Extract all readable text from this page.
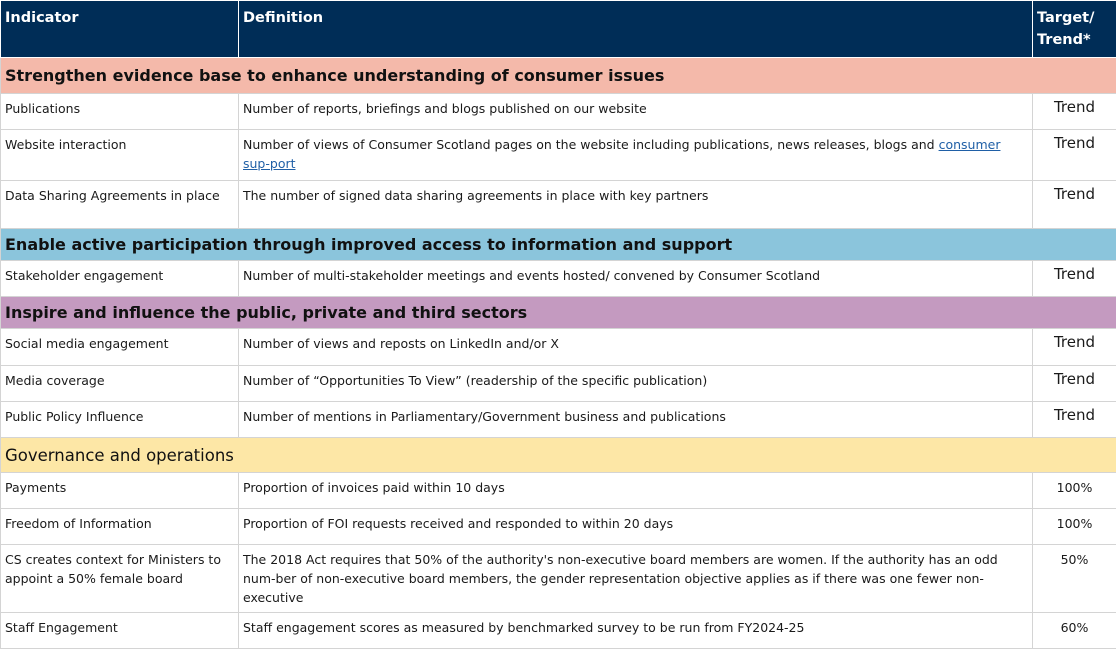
Indicator	Definition	Target/
Trend*
Strengthen evidence base to enhance understanding of consumer issues		
Publications	Number of reports, briefings and blogs published on our website	Trend
Website interaction	Number of views of Consumer Scotland pages on the website including publications, news releases, blogs and consumer sup-port	Trend
Data Sharing Agreements in place	The number of signed data sharing agreements in place with key partners	Trend
Enable active participation through improved access to information and support		
Stakeholder engagement	Number of multi-stakeholder meetings and events hosted/ convened by Consumer Scotland	Trend
Inspire and influence the public, private and third sectors		
Social media engagement	Number of views and reposts on LinkedIn and/or X	Trend
Media coverage	Number of “Opportunities To View” (readership of the specific publication)	Trend
Public Policy Influence	Number of mentions in Parliamentary/Government business and publications	Trend
Governance and operations		
Payments	Proportion of invoices paid within 10 days	100%
Freedom of Information	Proportion of FOI requests received and responded to within 20 days	100%
CS creates context for Ministers to appoint a 50% female board	The 2018 Act requires that 50% of the authority's non-executive board members are women. If the authority has an odd num-ber of non-executive board members, the gender representation objective applies as if there was one fewer non-executive	50%
Staff Engagement	Staff engagement scores as measured by benchmarked survey to be run from FY2024-25	60%
